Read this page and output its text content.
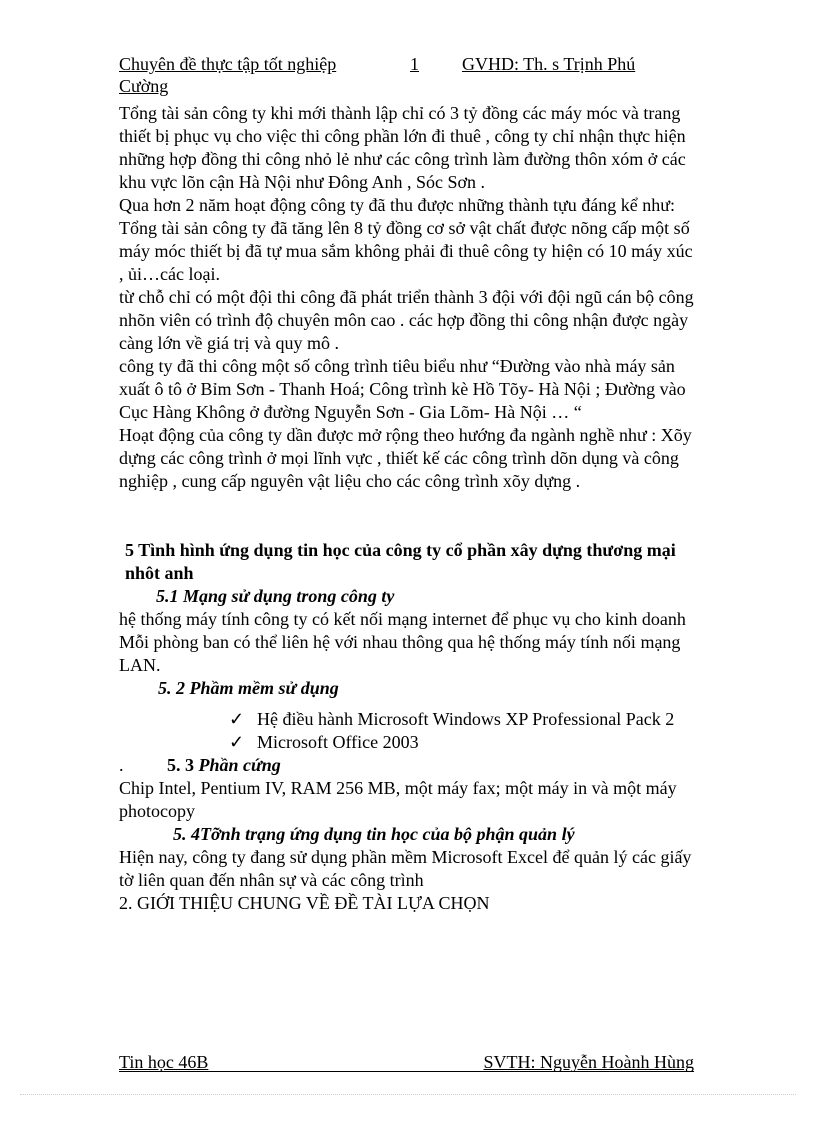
Chuyên đề thực tập tốt nghiệp	1 GVHD: Th. s Trịnh Phú
Cường

Tổng tài sản công ty khi mới thành lập chỉ có 3 tỷ đồng các máy móc và trang thiết bị phục vụ cho việc thi công phần lớn đi thuê , công ty chỉ nhận thực hiện những hợp đồng thi công nhỏ lẻ như các công trình làm đường thôn xóm ở các khu vực lõn cận Hà Nội như Đông Anh , Sóc Sơn .

Qua hơn 2 năm hoạt động công ty đã thu được những thành tựu đáng kể như:

Tổng tài sản công ty đã tăng lên 8 tỷ đồng cơ sở vật chất được nõng cấp một số máy móc thiết bị đã tự mua sắm không phải đi thuê công ty hiện có 10 máy xúc , ủi…các loại.

từ chỗ chỉ có một đội thi công đã phát triển thành 3 đội với đội ngũ cán bộ công nhõn viên có trình độ chuyên môn cao . các hợp đồng thi công nhận được ngày càng lớn về giá trị và quy mô .

công ty đã thi công một số công trình tiêu biểu như “Đường vào nhà máy sản xuất ô tô ở Bỉm Sơn - Thanh Hoá; Công trình kè Hồ Tõy- Hà Nội ; Đường vào Cục Hàng Không ở đường Nguyễn Sơn - Gia Lõm- Hà Nội … “

Hoạt động của công ty dần được mở rộng theo hướng đa ngành nghề như : Xõy dựng các công trình ở mọi lĩnh vực , thiết kế các công trình dõn dụng và công nghiệp , cung cấp nguyên vật liệu cho các công trình xõy dựng .

5 Tình hình ứng dụng tin học của công ty cổ phần xây dựng thương mại nhôt anh

5.1 Mạng sử dụng trong công ty

hệ thống máy tính công ty có kết nối mạng internet để phục vụ cho kinh doanh Mỗi phòng ban có thể liên hệ với nhau thông qua hệ thống máy tính nối mạng LAN.

5. 2 Phầm mềm sử dụng

✓ Hệ điều hành Microsoft Windows XP Professional Pack 2
✓ Microsoft Office 2003

. 5. 3 Phần cứng

Chip Intel, Pentium IV, RAM 256 MB, một máy fax; một máy in và một máy photocopy

5. 4Tỡnh trạng ứng dụng tin học của bộ phận quản lý

Hiện nay, công ty đang sử dụng phần mềm Microsoft Excel để quản lý các giấy tờ liên quan đến nhân sự và các công trình

2. GIỚI THIỆU CHUNG VỀ ĐỀ TÀI LỰA CHỌN

Tin học 46B	SVTH: Nguyễn Hoành Hùng
